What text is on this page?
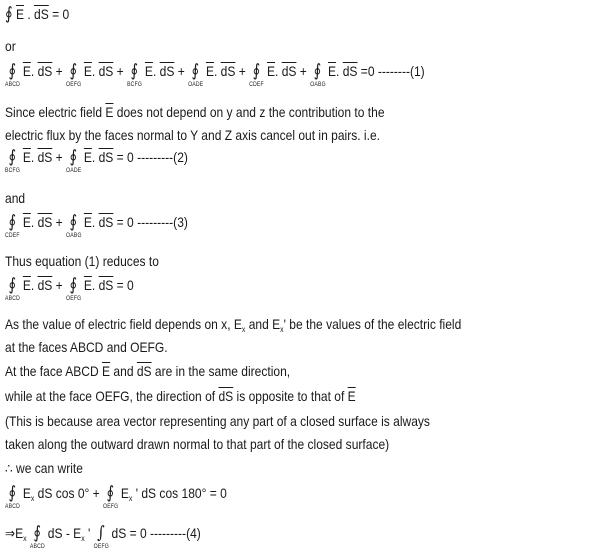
∮ $\overline{E}$ . $\overline{dS} = 0$
or
∮
ABCD
$\overline{E}$. $\overline{dS}$ + ∮
OEFG
$\overline{E}$. $\overline{dS}$ + ∮
BCFG
$\overline{E}$. $\overline{dS}$ + ∮
OADE
$\overline{E}$. $\overline{dS}$ + ∮
CDEF
$\overline{E}$. $\overline{dS}$ + ∮
OABG
$\overline{E}$. $\overline{dS} =0$ --------(1)
Since electric field $\overline{E}$ does not depend on y and z the contribution to the
electric flux by the faces normal to Y and Z axis cancel out in pairs. i.e.
∮
BCFG
$\overline{E}$. $\overline{dS}$ + ∮
OADE
$\overline{E}$. $\overline{dS} = 0$ ---------(2)
and
∮
CDEF
$\overline{E}$. $\overline{dS}$ + ∮
OABG
$\overline{E}$. $\overline{dS} = 0$ ---------(3)
Thus equation (1) reduces to
∮
ABCD
$\overline{E}$. $\overline{dS}$ + ∮
OEFG
$\overline{E}$. $\overline{dS} = 0$
As the value of electric field depends on x, $E_x$ and $E_x'$ be the values of the electric field
at the faces ABCD and OEFG.
At the face ABCD $\overline{E}$ and $\overline{dS}$ are in the same direction,
while at the face OEFG, the direction of $\overline{dS}$ is opposite to that of $\overline{E}$
(This is because area vector representing any part of a closed surface is always
taken along the outward drawn normal to that part of the closed surface)
∴ we can write
∮
ABCD
$E_x$ dS cos 0° + ∮
OEFG
$E_x$ ' dS cos 180° = 0
$\Rightarrow E_x$ ∮
ABCD
dS - $E_x$ ' ∫
OEFG
dS = 0 ---------(4)
